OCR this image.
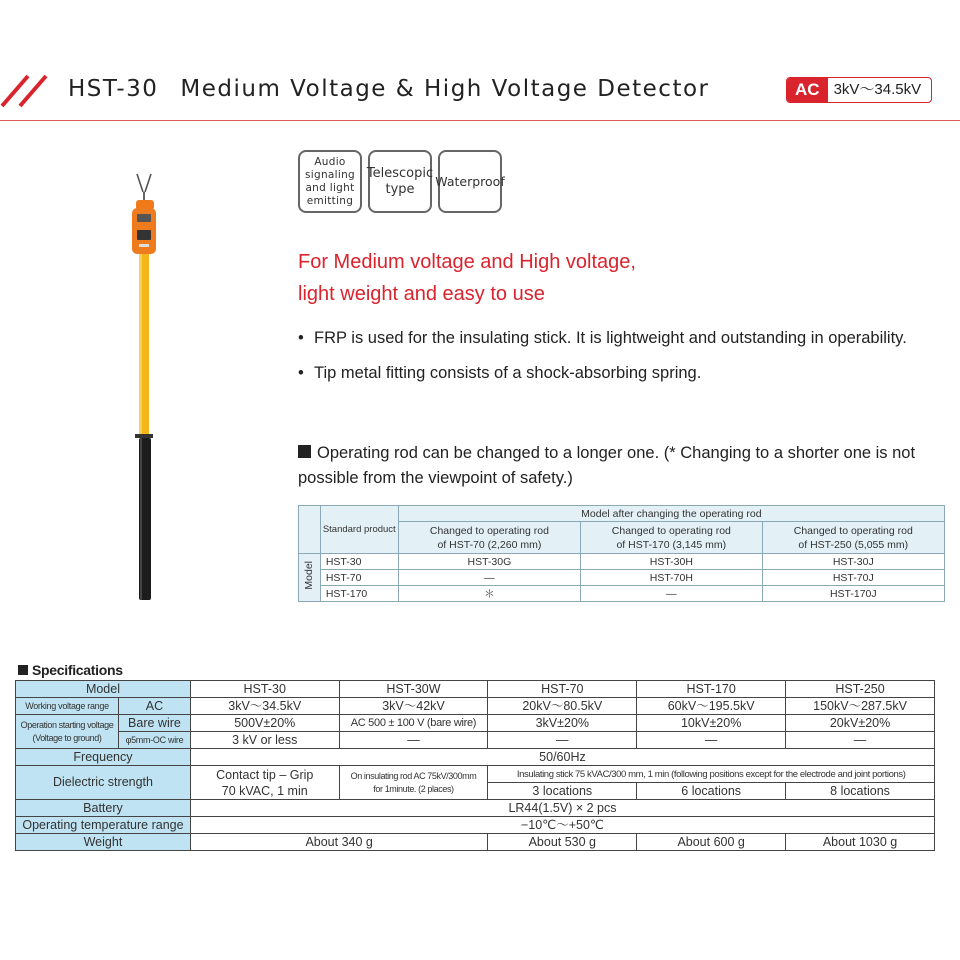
HST-30 Medium Voltage & High Voltage Detector	AC 3kV〜34.5kV
Audio
signaling
and light
emitting
Telescopic
type	Waterproof
For Medium voltage and High voltage,
light weight and easy to use
• FRP is used for the insulating stick. It is lightweight and outstanding in operability.
• Tip metal fitting consists of a shock-absorbing spring.
Operating rod can be changed to a longer one. (* Changing to a shorter one is not possible from the viewpoint of safety.)
	Standard product	Model after changing the operating rod		
		Changed to operating rod
of HST-70 (2,260 mm)	Changed to operating rod
of HST-170 (3,145 mm)	Changed to operating rod
of HST-250 (5,055 mm)
Model	HST-30	HST-30G	HST-30H	HST-30J
	HST-70	―	HST-70H	HST-70J
	HST-170	＊	―	HST-170J
Specifications
Model		HST-30	HST-30W	HST-70	HST-170	HST-250
Working voltage range	AC	3kV〜34.5kV	3kV〜42kV	20kV〜80.5kV	60kV〜195.5kV	150kV〜287.5kV
Operation starting voltage
(Voltage to ground)	Bare wire	500V±20%	AC 500 ± 100 V (bare wire)	3kV±20%	10kV±20%	20kV±20%
	φ5mm-OC wire	3 kV or less	―	―	―	―
Frequency		50/60Hz				
Dielectric strength		Contact tip – Grip
70 kVAC, 1 min	On insulating rod AC 75kV/300mm
for 1minute. (2 places)	Insulating stick 75 kVAC/300 mm, 1 min (following positions except for the electrode and joint portions)		
				3 locations	6 locations	8 locations
Battery		LR44(1.5V) × 2 pcs				
Operating temperature range		−10℃〜+50℃				
Weight		About 340 g		About 530 g	About 600 g	About 1030 g
